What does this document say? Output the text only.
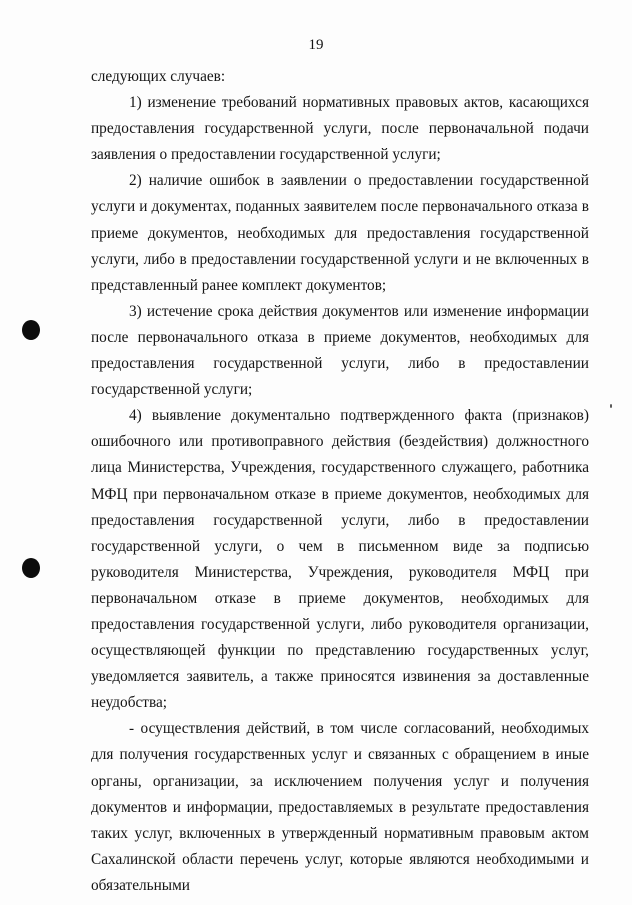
19

следующих случаев:

1) изменение требований нормативных правовых актов, касающихся предоставления государственной услуги, после первоначальной подачи заявления о предоставлении государственной услуги;

2) наличие ошибок в заявлении о предоставлении государственной услуги и документах, поданных заявителем после первоначального отказа в приеме документов, необходимых для предоставления государственной услуги, либо в предоставлении государственной услуги и не включенных в представленный ранее комплект документов;

3) истечение срока действия документов или изменение информации после первоначального отказа в приеме документов, необходимых для предоставления государственной услуги, либо в предоставлении государственной услуги;

4) выявление документально подтвержденного факта (признаков) ошибочного или противоправного действия (бездействия) должностного лица Министерства, Учреждения, государственного служащего, работника МФЦ при первоначальном отказе в приеме документов, необходимых для предоставления государственной услуги, либо в предоставлении государственной услуги, о чем в письменном виде за подписью руководителя Министерства, Учреждения, руководителя МФЦ при первоначальном отказе в приеме документов, необходимых для предоставления государственной услуги, либо руководителя организации, осуществляющей функции по представлению государственных услуг, уведомляется заявитель, а также приносятся извинения за доставленные неудобства;

- осуществления действий, в том числе согласований, необходимых для получения государственных услуг и связанных с обращением в иные органы, организации, за исключением получения услуг и получения документов и информации, предоставляемых в результате предоставления таких услуг, включенных в утвержденный нормативным правовым актом Сахалинской области перечень услуг, которые являются необходимыми и обязательными
